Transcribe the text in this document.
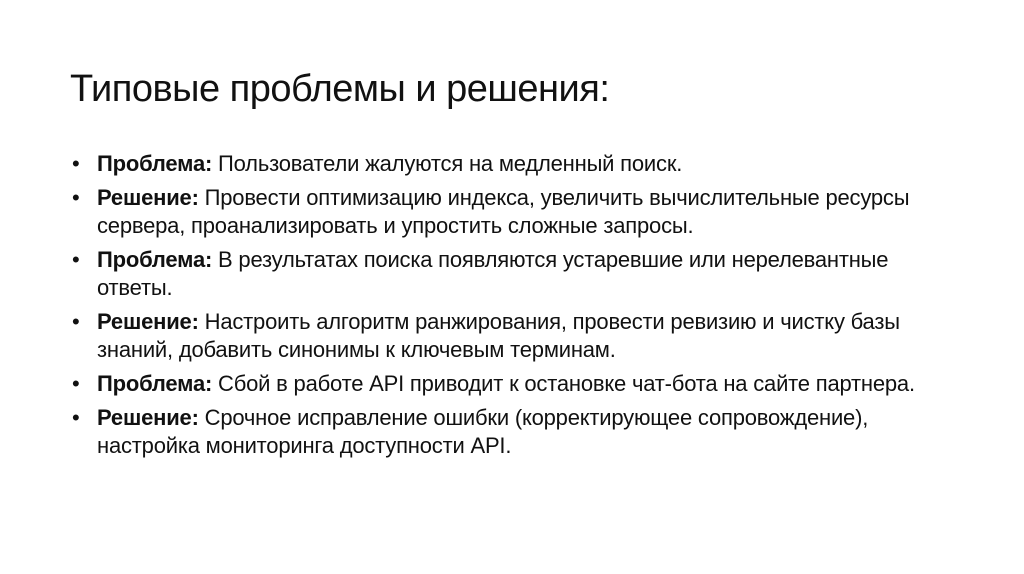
Типовые проблемы и решения:
• Проблема: Пользователи жалуются на медленный поиск.
• Решение: Провести оптимизацию индекса, увеличить вычислительные ресурсы сервера, проанализировать и упростить сложные запросы.
• Проблема: В результатах поиска появляются устаревшие или нерелевантные ответы.
• Решение: Настроить алгоритм ранжирования, провести ревизию и чистку базы знаний, добавить синонимы к ключевым терминам.
• Проблема: Сбой в работе API приводит к остановке чат-бота на сайте партнера.
• Решение: Срочное исправление ошибки (корректирующее сопровождение), настройка мониторинга доступности API.
